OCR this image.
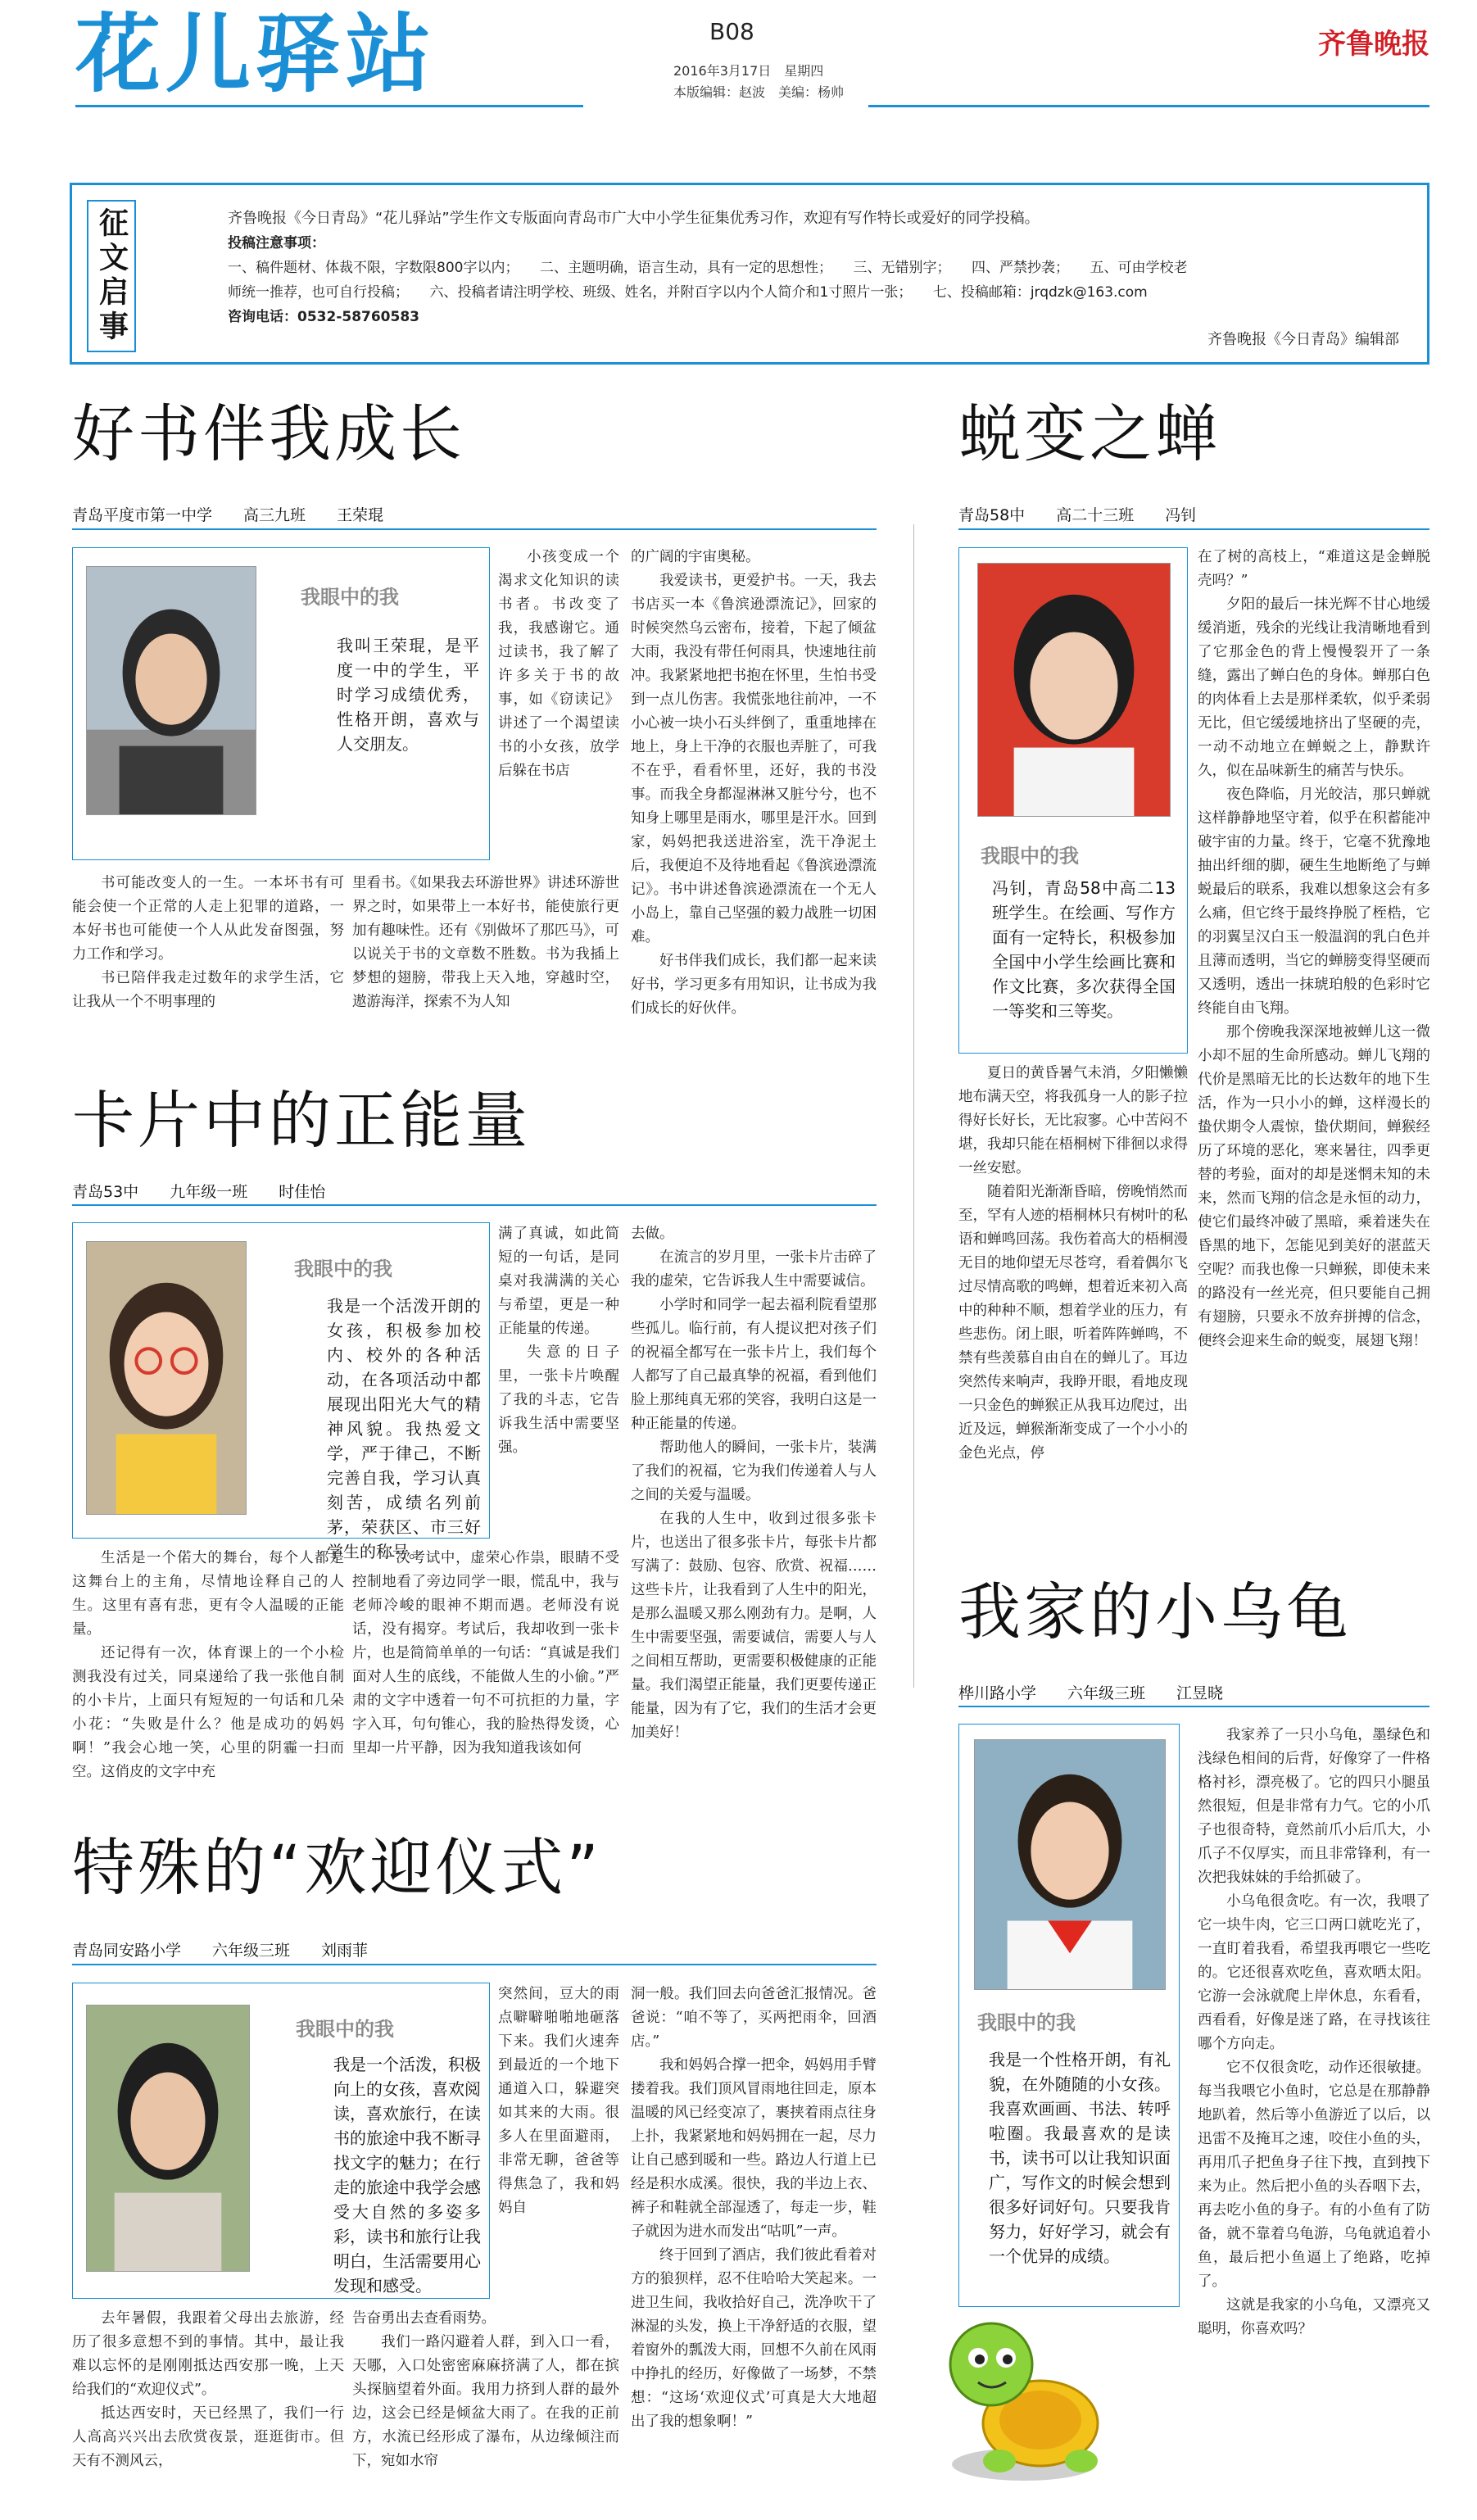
花儿驿站	B08
2016年3月17日　星期四
本版编辑：赵波 美编：杨帅
齐鲁晚报
征文启事	齐鲁晚报《今日青岛》“花儿驿站”学生作文专版面向青岛市广大中小学生征集优秀习作，欢迎有写作特长或爱好的同学投稿。
投稿注意事项：
一、稿件题材、体裁不限，字数限800字以内；　　二、主题明确，语言生动，具有一定的思想性；　　三、无错别字；　　四、严禁抄袭；　　五、可由学校老
师统一推荐，也可自行投稿；　　六、投稿者请注明学校、班级、姓名，并附百字以内个人简介和1寸照片一张；　　七、投稿邮箱：jrqdzk@163.com
咨询电话：0532-58760583
齐鲁晚报《今日青岛》编辑部
好书伴我成长
青岛平度市第一中学 高三九班 王荣琨
我眼中的我
我叫王荣琨，是平度一中的学生，平时学习成绩优秀，性格开朗，喜欢与人交朋友。

小孩变成一个渴求文化知识的读书者。书改变了我，我感谢它。通过读书，我了解了许多关于书的故事，如《窃读记》讲述了一个渴望读书的小女孩，放学后躲在书店

书可能改变人的一生。一本坏书有可能会使一个正常的人走上犯罪的道路，一本好书也可能使一个人从此发奋图强，努力工作和学习。

书已陪伴我走过数年的求学生活，它让我从一个不明事理的

里看书。《如果我去环游世界》讲述环游世界之时，如果带上一本好书，能使旅行更加有趣味性。还有《别做坏了那匹马》，可以说关于书的文章数不胜数。书为我插上梦想的翅膀，带我上天入地，穿越时空，遨游海洋，探索不为人知

的广阔的宇宙奥秘。

我爱读书，更爱护书。一天，我去书店买一本《鲁滨逊漂流记》，回家的时候突然乌云密布，接着，下起了倾盆大雨，我没有带任何雨具，快速地往前冲。我紧紧地把书抱在怀里，生怕书受到一点儿伤害。我慌张地往前冲，一不小心被一块小石头绊倒了，重重地摔在地上，身上干净的衣服也弄脏了，可我不在乎，看看怀里，还好，我的书没事。而我全身都湿淋淋又脏兮兮，也不知身上哪里是雨水，哪里是汗水。回到家，妈妈把我送进浴室，洗干净泥土后，我便迫不及待地看起《鲁滨逊漂流记》。书中讲述鲁滨逊漂流在一个无人小岛上，靠自己坚强的毅力战胜一切困难。

好书伴我们成长，我们都一起来读好书，学习更多有用知识，让书成为我们成长的好伙伴。

蜕变之蝉
青岛58中 高二十三班 冯钊
我眼中的我
冯钊，青岛58中高二13班学生。在绘画、写作方面有一定特长，积极参加全国中小学生绘画比赛和作文比赛，多次获得全国一等奖和三等奖。

夏日的黄昏暑气未消，夕阳懒懒地布满天空，将我孤身一人的影子拉得好长好长，无比寂寥。心中苦闷不堪，我却只能在梧桐树下徘徊以求得一丝安慰。

随着阳光渐渐昏暗，傍晚悄然而至，罕有人迹的梧桐林只有树叶的私语和蝉鸣回荡。我伤着高大的梧桐漫无目的地仰望无尽苍穹，看着偶尔飞过尽情高歌的鸣蝉，想着近来初入高中的种种不顺，想着学业的压力，有些悲伤。闭上眼，听着阵阵蝉鸣，不禁有些羡慕自由自在的蝉儿了。耳边突然传来响声，我睁开眼，看地皮现一只金色的蝉猴正从我耳边爬过，出近及远，蝉猴渐渐变成了一个小小的金色光点，停

在了树的高枝上，“难道这是金蝉脱壳吗？”

夕阳的最后一抹光辉不甘心地缓缓消逝，残余的光线让我清晰地看到了它那金色的背上慢慢裂开了一条缝，露出了蝉白色的身体。蝉那白色的肉体看上去是那样柔软，似乎柔弱无比，但它缓缓地挤出了坚硬的壳，一动不动地立在蝉蜕之上，静默许久，似在品味新生的痛苦与快乐。

夜色降临，月光皎洁，那只蝉就这样静静地坚守着，似乎在积蓄能冲破宇宙的力量。终于，它毫不犹豫地抽出纤细的脚，硬生生地断绝了与蝉蜕最后的联系，我难以想象这会有多么痛，但它终于最终挣脱了桎梏，它的羽翼呈汉白玉一般温润的乳白色并且薄而透明，当它的蝉膀变得坚硬而又透明，透出一抹琥珀般的色彩时它终能自由飞翔。

那个傍晚我深深地被蝉儿这一微小却不屈的生命所感动。蝉儿飞翔的代价是黑暗无比的长达数年的地下生活，作为一只小小的蝉，这样漫长的蛰伏期令人震惊，蛰伏期间，蝉猴经历了环境的恶化，寒来暑往，四季更替的考验，面对的却是迷惘未知的未来，然而飞翔的信念是永恒的动力，使它们最终冲破了黑暗，乘着迷失在昏黑的地下，怎能见到美好的湛蓝天空呢？而我也像一只蝉猴，即使未来的路没有一丝光亮，但只要能自己拥有翅膀，只要永不放弃拼搏的信念，便终会迎来生命的蜕变，展翅飞翔！

卡片中的正能量
青岛53中 九年级一班 时佳怡
我眼中的我
我是一个活泼开朗的女孩，积极参加校内、校外的各种活动，在各项活动中都展现出阳光大气的精神风貌。我热爱文学，严于律己，不断完善自我，学习认真刻苦，成绩名列前茅，荣获区、市三好学生的称号。

满了真诚，如此简短的一句话，是同桌对我满满的关心与希望，更是一种正能量的传递。

失意的日子里，一张卡片唤醒了我的斗志，它告诉我生活中需要坚强。

生活是一个偌大的舞台，每个人都是这舞台上的主角，尽情地诠释自己的人生。这里有喜有悲，更有令人温暖的正能量。

还记得有一次，体育课上的一个小检测我没有过关，同桌递给了我一张他自制的小卡片，上面只有短短的一句话和几朵小花：“失败是什么？他是成功的妈妈啊！”我会心地一笑，心里的阴霾一扫而空。这俏皮的文字中充

一次考试中，虚荣心作祟，眼睛不受控制地看了旁边同学一眼，慌乱中，我与老师冷峻的眼神不期而遇。老师没有说话，没有揭穿。考试后，我却收到一张卡片，也是简简单单的一句话：“真诚是我们面对人生的底线，不能做人生的小偷。”严肃的文字中透着一句不可抗拒的力量，字字入耳，句句锥心，我的脸热得发烫，心里却一片平静，因为我知道我该如何

去做。

在流言的岁月里，一张卡片击碎了我的虚荣，它告诉我人生中需要诚信。

小学时和同学一起去福利院看望那些孤儿。临行前，有人提议把对孩子们的祝福全都写在一张卡片上，我们每个人都写了自己最真挚的祝福，看到他们脸上那纯真无邪的笑容，我明白这是一种正能量的传递。

帮助他人的瞬间，一张卡片，装满了我们的祝福，它为我们传递着人与人之间的关爱与温暖。

在我的人生中，收到过很多张卡片，也送出了很多张卡片，每张卡片都写满了：鼓励、包容、欣赏、祝福……这些卡片，让我看到了人生中的阳光，是那么温暖又那么刚劲有力。是啊，人生中需要坚强，需要诚信，需要人与人之间相互帮助，更需要积极健康的正能量。我们渴望正能量，我们更要传递正能量，因为有了它，我们的生活才会更加美好！

特殊的“欢迎仪式”
青岛同安路小学 六年级三班 刘雨菲
我眼中的我
我是一个活泼，积极向上的女孩，喜欢阅读，喜欢旅行，在读书的旅途中我不断寻找文字的魅力；在行走的旅途中我学会感受大自然的多姿多彩，读书和旅行让我明白，生活需要用心发现和感受。

突然间，豆大的雨点噼噼啪啪地砸落下来。我们火速奔到最近的一个地下通道入口，躲避突如其来的大雨。很多人在里面避雨，非常无聊，爸爸等得焦急了，我和妈妈自

去年暑假，我跟着父母出去旅游，经历了很多意想不到的事情。其中，最让我难以忘怀的是刚刚抵达西安那一晚，上天给我们的“欢迎仪式”。

抵达西安时，天已经黑了，我们一行人高高兴兴出去欣赏夜景，逛逛街市。但天有不测风云，

告奋勇出去查看雨势。

我们一路闪避着人群，到入口一看，天哪，入口处密密麻麻挤满了人，都在摈头探脑望着外面。我用力挤到人群的最外边，这会已经是倾盆大雨了。在我的正前方，水流已经形成了瀑布，从边缘倾注而下，宛如水帘

洞一般。我们回去向爸爸汇报情况。爸爸说：“咱不等了，买两把雨伞，回酒店。”

我和妈妈合撑一把伞，妈妈用手臂搂着我。我们顶风冒雨地往回走，原本温暖的风已经变凉了，裹挟着雨点往身上扑，我紧紧地和妈妈拥在一起，尽力让自己感到暖和一些。路边人行道上已经是积水成溪。很快，我的半边上衣、裤子和鞋就全部湿透了，每走一步，鞋子就因为进水而发出“咕叽”一声。

终于回到了酒店，我们彼此看着对方的狼狈样，忍不住哈哈大笑起来。一进卫生间，我收拾好自己，洗净吹干了淋湿的头发，换上干净舒适的衣服，望着窗外的瓢泼大雨，回想不久前在风雨中挣扎的经历，好像做了一场梦，不禁想：“这场‘欢迎仪式’可真是大大地超出了我的想象啊！”

我家的小乌龟
桦川路小学 六年级三班 江昱晓
我眼中的我
我是一个性格开朗，有礼貌，在外随随的小女孩。我喜欢画画、书法、转呼啦圈。我最喜欢的是读书，读书可以让我知识面广，写作文的时候会想到很多好词好句。只要我肯努力，好好学习，就会有一个优异的成绩。

我家养了一只小乌龟，墨绿色和浅绿色相间的后背，好像穿了一件格格衬衫，漂亮极了。它的四只小腿虽然很短，但是非常有力气。它的小爪子也很奇特，竟然前爪小后爪大，小爪子不仅厚实，而且非常锋利，有一次把我妹妹的手给抓破了。

小乌龟很贪吃。有一次，我喂了它一块牛肉，它三口两口就吃光了，一直盯着我看，希望我再喂它一些吃的。它还很喜欢吃鱼，喜欢晒太阳。它游一会泳就爬上岸休息，东看看，西看看，好像是迷了路，在寻找该往哪个方向走。

它不仅很贪吃，动作还很敏捷。每当我喂它小鱼时，它总是在那静静地趴着，然后等小鱼游近了以后，以迅雷不及掩耳之速，咬住小鱼的头，再用爪子把鱼身子往下拽，直到拽下来为止。然后把小鱼的头吞咽下去，再去吃小鱼的身子。有的小鱼有了防备，就不靠着乌龟游，乌龟就追着小鱼，最后把小鱼逼上了绝路，吃掉了。

这就是我家的小乌龟，又漂亮又聪明，你喜欢吗？
